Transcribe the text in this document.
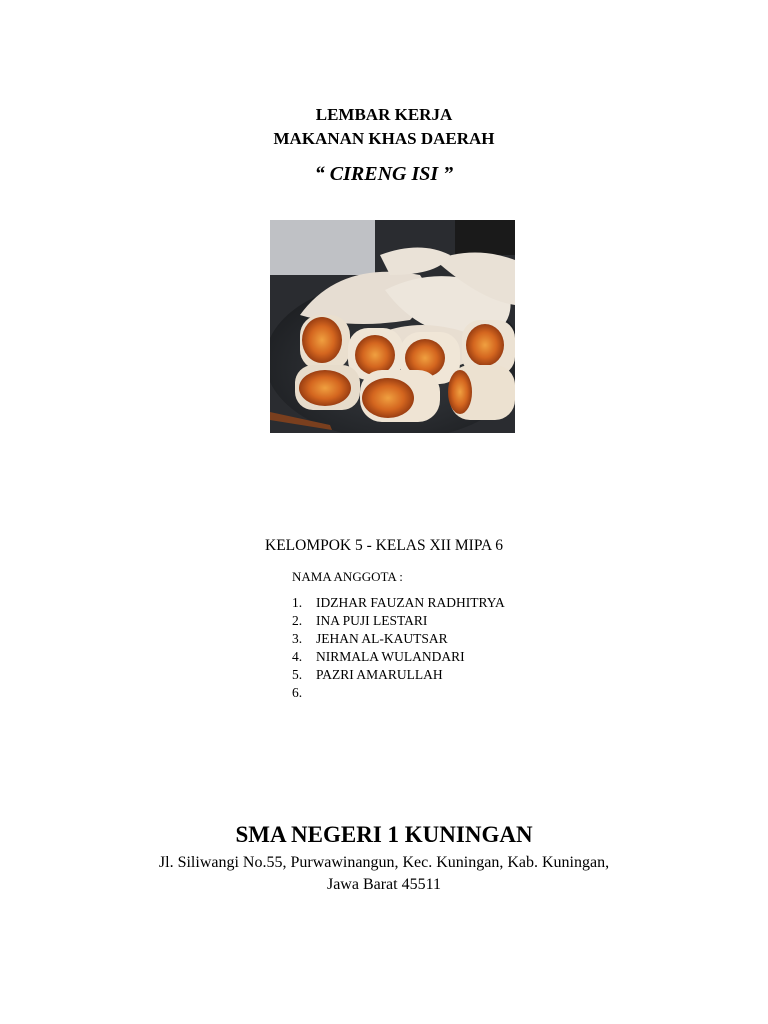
LEMBAR KERJA
MAKANAN KHAS DAERAH
“ CIRENG ISI ”
KELOMPOK 5 - KELAS XII MIPA 6
NAMA ANGGOTA :
1. IDZHAR FAUZAN RADHITRYA
2. INA PUJI LESTARI
3. JEHAN AL-KAUTSAR
4. NIRMALA WULANDARI
5. PAZRI AMARULLAH
6.
SMA NEGERI 1 KUNINGAN
Jl. Siliwangi No.55, Purwawinangun, Kec. Kuningan, Kab. Kuningan,
Jawa Barat 45511
